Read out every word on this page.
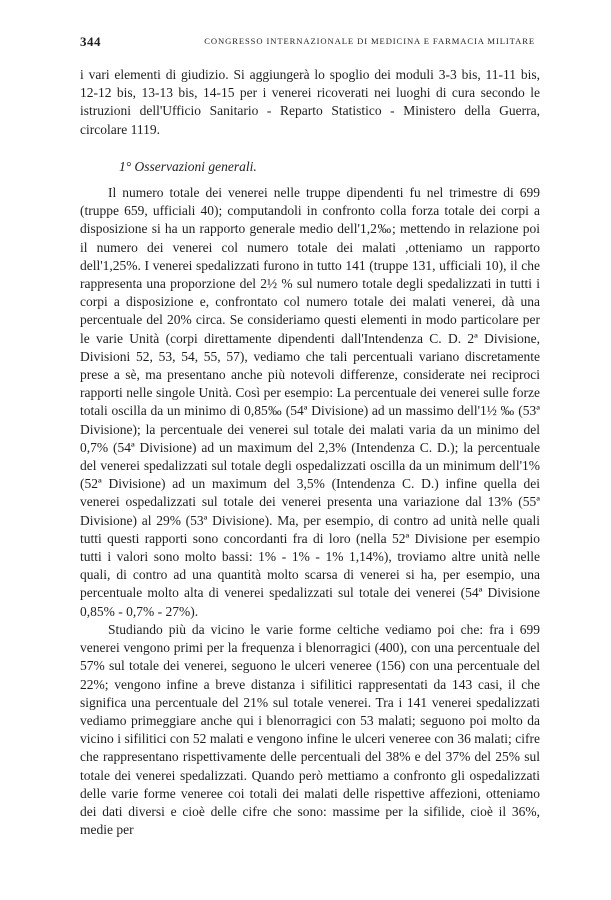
344	CONGRESSO INTERNAZIONALE DI MEDICINA E FARMACIA MILITARE

i vari elementi di giudizio. Si aggiungerà lo spoglio dei moduli 3-3 bis, 11-11 bis, 12-12 bis, 13-13 bis, 14-15 per i venerei ricoverati nei luoghi di cura secondo le istruzioni dell'Ufficio Sanitario - Reparto Statistico - Ministero della Guerra, circolare 1119.

1° Osservazioni generali.

Il numero totale dei venerei nelle truppe dipendenti fu nel trimestre di 699 (truppe 659, ufficiali 40); computandoli in confronto colla forza totale dei corpi a disposizione si ha un rapporto generale medio dell'1,2‰; mettendo in relazione poi il numero dei venerei col numero totale dei malati ,otteniamo un rapporto dell'1,25%. I venerei spedalizzati furono in tutto 141 (truppe 131, ufficiali 10), il che rappresenta una proporzione del 2½ % sul numero totale degli spedalizzati in tutti i corpi a disposizione e, confrontato col numero totale dei malati venerei, dà una percentuale del 20% circa. Se consideriamo questi elementi in modo particolare per le varie Unità (corpi direttamente dipendenti dall'Intendenza C. D. 2ª Divisione, Divisioni 52, 53, 54, 55, 57), vediamo che tali percentuali variano discretamente prese a sè, ma presentano anche più notevoli differenze, considerate nei reciproci rapporti nelle singole Unità. Così per esempio: La percentuale dei venerei sulle forze totali oscilla da un minimo di 0,85‰ (54ª Divisione) ad un massimo dell'1½ ‰ (53ª Divisione); la percentuale dei venerei sul totale dei malati varia da un minimo del 0,7% (54ª Divisione) ad un maximum del 2,3% (Intendenza C. D.); la percentuale del venerei spedalizzati sul totale degli ospedalizzati oscilla da un minimum dell'1% (52ª Divisione) ad un maximum del 3,5% (Intendenza C. D.) infine quella dei venerei ospedalizzati sul totale dei venerei presenta una variazione dal 13% (55ª Divisione) al 29% (53ª Divisione). Ma, per esempio, di contro ad unità nelle quali tutti questi rapporti sono concordanti fra di loro (nella 52ª Divisione per esempio tutti i valori sono molto bassi: 1% - 1% - 1% 1,14%), troviamo altre unità nelle quali, di contro ad una quantità molto scarsa di venerei si ha, per esempio, una percentuale molto alta di venerei spedalizzati sul totale dei venerei (54ª Divisione 0,85% - 0,7% - 27%).

Studiando più da vicino le varie forme celtiche vediamo poi che: fra i 699 venerei vengono primi per la frequenza i blenorragici (400), con una percentuale del 57% sul totale dei venerei, seguono le ulceri veneree (156) con una percentuale del 22%; vengono infine a breve distanza i sifilitici rappresentati da 143 casi, il che significa una percentuale del 21% sul totale venerei. Tra i 141 venerei spedalizzati vediamo primeggiare anche qui i blenorragici con 53 malati; seguono poi molto da vicino i sifilitici con 52 malati e vengono infine le ulceri veneree con 36 malati; cifre che rappresentano rispettivamente delle percentuali del 38% e del 37% del 25% sul totale dei venerei spedalizzati. Quando però mettiamo a confronto gli ospedalizzati delle varie forme veneree coi totali dei malati delle rispettive affezioni, otteniamo dei dati diversi e cioè delle cifre che sono: massime per la sifilide, cioè il 36%, medie per
